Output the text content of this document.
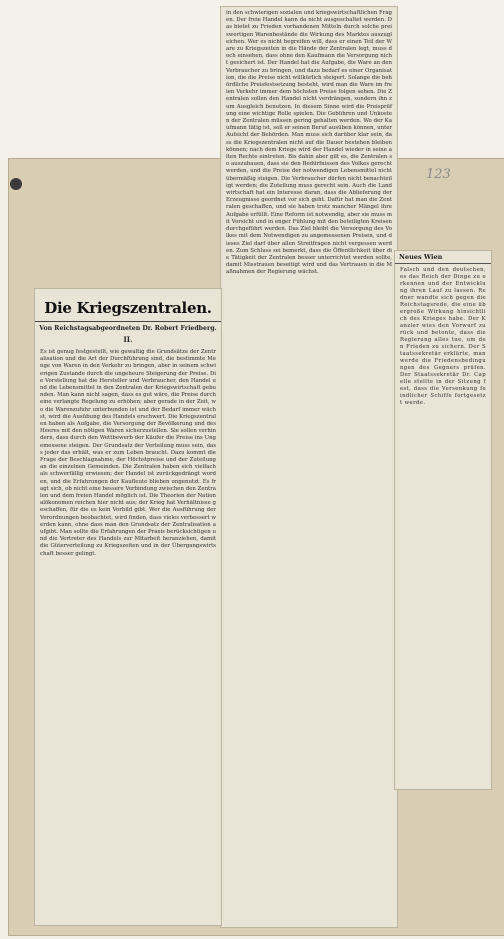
123

in den schwierigen sozialen und kriegswirtschaftlichen Fragen. Der freie Handel kann da nicht ausgeschaltet werden. Das bietet zu Frieden vorhandenen Mitteln durch solche preiswertigen Warenbestände die Wirkung des Marktes auszugleichen. Wer es nicht begreifen will, dass er einen Teil der Ware zu Kriegszeiten in die Hände der Zentralen legt, muss doch einsehen, dass ohne den Kaufmann die Versorgung nicht gesichert ist. Der Handel hat die Aufgabe, die Ware an den Verbraucher zu bringen, und dazu bedarf es einer Organisation, die die Preise nicht willkürlich steigert. Solange die behördliche Preisfestsetzung besteht, wird man die Ware im freien Verkehr immer dem höchsten Preise folgen sehen. Die Zentralen sollen den Handel nicht verdrängen, sondern ihn zum Ausgleich benutzen. In diesem Sinne wird die Preisprüfung eine wichtige Rolle spielen. Die Gebühren und Unkosten der Zentralen müssen gering gehalten werden. Wo der Kaufmann tätig ist, soll er seinen Beruf ausüben können, unter Aufsicht der Behörden. Man muss sich darüber klar sein, dass die Kriegszentralen nicht auf die Dauer bestehen bleiben können; nach dem Kriege wird der Handel wieder in seine alten Rechte eintreten. Bis dahin aber gilt es, die Zentralen so auszubauen, dass sie den Bedürfnissen des Volkes gerecht werden, und die Preise der notwendigen Lebensmittel nicht übermäßig steigen. Die Verbraucher dürfen nicht benachteiligt werden; die Zuteilung muss gerecht sein. Auch die Landwirtschaft hat ein Interesse daran, dass die Ablieferung der Erzeugnisse geordnet vor sich geht. Dafür hat man die Zentralen geschaffen, und sie haben trotz mancher Mängel ihre Aufgabe erfüllt. Eine Reform ist notwendig, aber sie muss mit Vorsicht und in enger Fühlung mit den beteiligten Kreisen durchgeführt werden. Das Ziel bleibt die Versorgung des Volkes mit dem Notwendigen zu angemessenen Preisen, und dieses Ziel darf über allen Streitfragen nicht vergessen werden. Zum Schluss sei bemerkt, dass die Öffentlichkeit über die Tätigkeit der Zentralen besser unterrichtet werden sollte, damit Misstrauen beseitigt wird und das Vertrauen in die Maßnahmen der Regierung wächst.

Die Kriegszentralen.
Von Reichstagsabgeordneten Dr. Robert Friedberg.
II.

Es ist genug festgestellt, wie gewaltig die Grundsätze der Zentralisation und die Art der Durchführung sind, die bestimmte Menge von Waren in den Verkehr zu bringen, aber in seinem schwierigen Zustande durch die ungeheure Steigerung der Preise. Die Vorstellung hat die Hersteller und Verbraucher, den Handel und die Lebensmittel in den Zentralen der Kriegswirtschaft gebunden. Man kann nicht sagen, dass es gut wäre, die Preise durch eine verlangte Regelung zu erhöhen; aber gerade in der Zeit, wo die Warenzufuhr unterbunden ist und der Bedarf immer wächst, wird die Ausübung des Handels erschwert. Die Kriegszentralen haben als Aufgabe, die Versorgung der Bevölkerung und des Heeres mit den nötigen Waren sicherzustellen. Sie sollen verhindern, dass durch den Wettbewerb der Käufer die Preise ins Ungemessene steigen. Der Grundsatz der Verteilung muss sein, dass jeder das erhält, was er zum Leben braucht. Dazu kommt die Frage der Beschlagnahme, der Höchstpreise und der Zuteilung an die einzelnen Gemeinden. Die Zentralen haben sich vielfach als schwerfällig erwiesen; der Handel ist zurückgedrängt worden, und die Erfahrungen der Kaufleute blieben ungenutzt. Es fragt sich, ob nicht eine bessere Verbindung zwischen den Zentralen und dem freien Handel möglich ist. Die Theorien der Nationalökonomen reichen hier nicht aus; der Krieg hat Verhältnisse geschaffen, für die es kein Vorbild gibt. Wer die Ausführung der Verordnungen beobachtet, wird finden, dass vieles verbessert werden kann, ohne dass man den Grundsatz der Zentralisation aufgibt. Man sollte die Erfahrungen der Praxis berücksichtigen und die Vertreter des Handels zur Mitarbeit heranziehen, damit die Güterverteilung zu Kriegszeiten und in der Übergangswirtschaft besser gelingt.

Neues Wien

Falsch und den deutschen, es das Reich der Dinge zu erkennen und der Entwicklung ihren Lauf zu lassen. Redner wandte sich gegen die Reichstagsrede, die eine übergroße Wirkung hinsichtlich des Krieges habe. Der Kanzler wies den Vorwurf zurück und betonte, dass die Regierung alles tue, um den Frieden zu sichern. Der Staatssekretär erklärte, man werde die Friedensbedingungen des Gegners prüfen. Der Staatssekretär Dr. Capelle stellte in der Sitzung fest, dass die Versenkung feindlicher Schiffe fortgesetzt werde.
